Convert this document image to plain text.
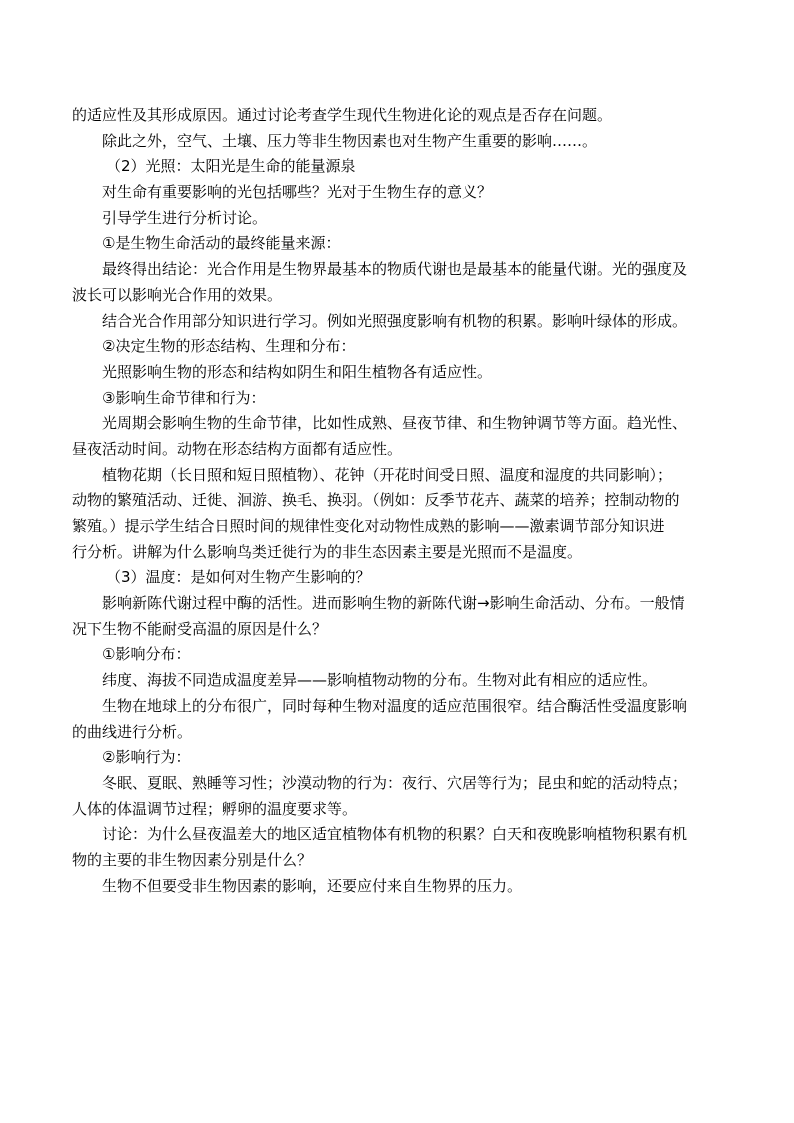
的适应性及其形成原因。通过讨论考查学生现代生物进化论的观点是否存在问题。
除此之外，空气、土壤、压力等非生物因素也对生物产生重要的影响……。
（2）光照：太阳光是生命的能量源泉
对生命有重要影响的光包括哪些？光对于生物生存的意义？
引导学生进行分析讨论。
①是生物生命活动的最终能量来源：
最终得出结论：光合作用是生物界最基本的物质代谢也是最基本的能量代谢。光的强度及
波长可以影响光合作用的效果。
结合光合作用部分知识进行学习。例如光照强度影响有机物的积累。影响叶绿体的形成。
②决定生物的形态结构、生理和分布：
光照影响生物的形态和结构如阴生和阳生植物各有适应性。
③影响生命节律和行为：
光周期会影响生物的生命节律，比如性成熟、昼夜节律、和生物钟调节等方面。趋光性、
昼夜活动时间。动物在形态结构方面都有适应性。
植物花期（长日照和短日照植物）、花钟（开花时间受日照、温度和湿度的共同影响）；
动物的繁殖活动、迁徙、洄游、换毛、换羽。（例如：反季节花卉、蔬菜的培养；控制动物的
繁殖。）提示学生结合日照时间的规律性变化对动物性成熟的影响——激素调节部分知识进
行分析。讲解为什么影响鸟类迁徙行为的非生态因素主要是光照而不是温度。
（3）温度：是如何对生物产生影响的？
影响新陈代谢过程中酶的活性。进而影响生物的新陈代谢→影响生命活动、分布。一般情
况下生物不能耐受高温的原因是什么？
①影响分布：
纬度、海拔不同造成温度差异——影响植物动物的分布。生物对此有相应的适应性。
生物在地球上的分布很广，同时每种生物对温度的适应范围很窄。结合酶活性受温度影响
的曲线进行分析。
②影响行为：
冬眠、夏眠、熟睡等习性；沙漠动物的行为：夜行、穴居等行为；昆虫和蛇的活动特点；
人体的体温调节过程；孵卵的温度要求等。
讨论：为什么昼夜温差大的地区适宜植物体有机物的积累？白天和夜晚影响植物积累有机
物的主要的非生物因素分别是什么？
生物不但要受非生物因素的影响，还要应付来自生物界的压力。
